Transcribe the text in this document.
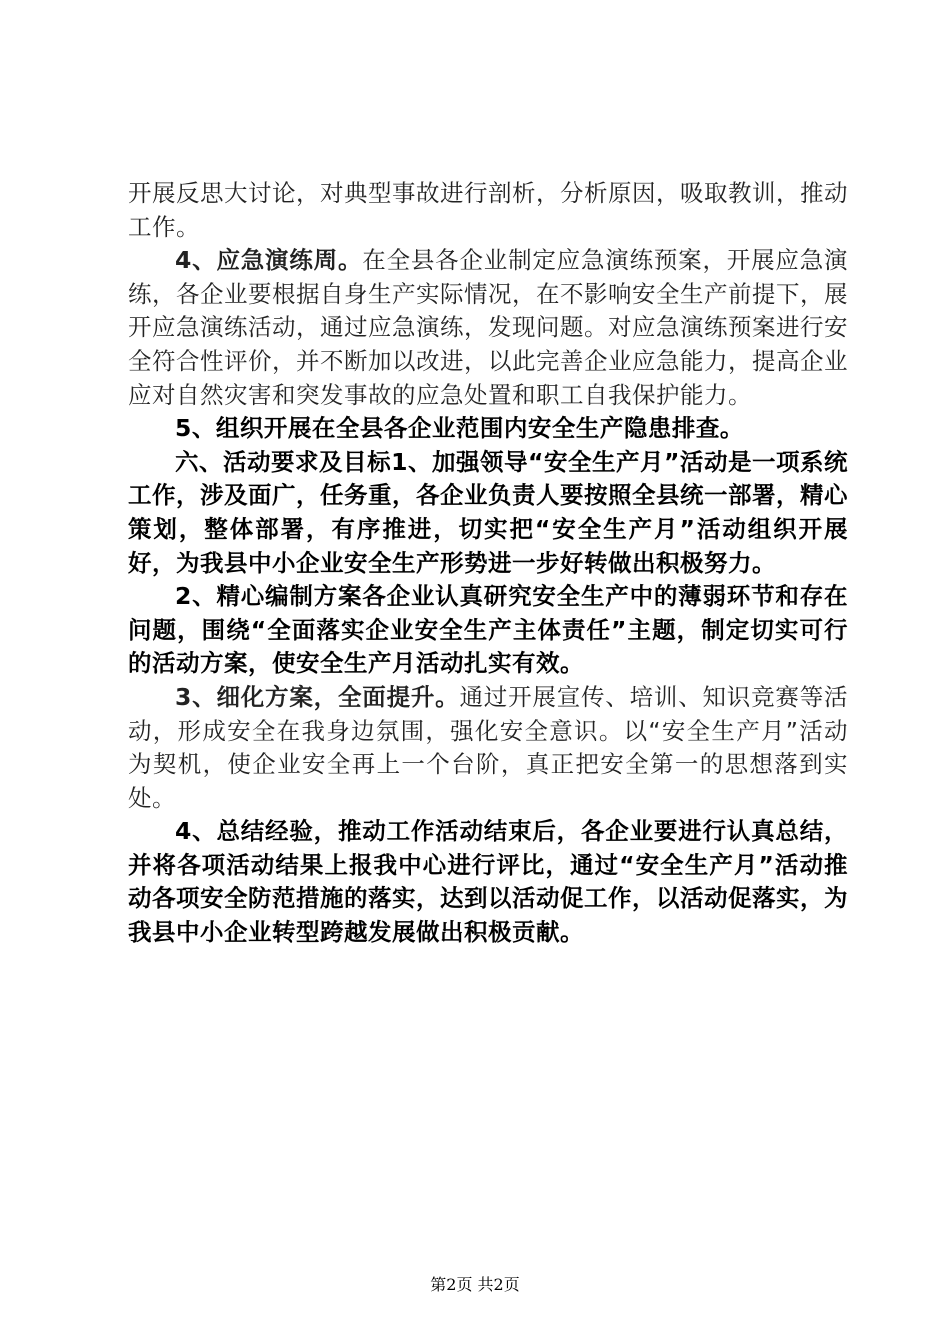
开展反思大讨论，对典型事故进行剖析，分析原因，吸取教训，推动工作。

4、应急演练周。在全县各企业制定应急演练预案，开展应急演练，各企业要根据自身生产实际情况，在不影响安全生产前提下，展开应急演练活动，通过应急演练，发现问题。对应急演练预案进行安全符合性评价，并不断加以改进，以此完善企业应急能力，提高企业应对自然灾害和突发事故的应急处置和职工自我保护能力。

5、组织开展在全县各企业范围内安全生产隐患排查。

六、活动要求及目标1、加强领导“安全生产月”活动是一项系统工作，涉及面广，任务重，各企业负责人要按照全县统一部署，精心策划，整体部署，有序推进，切实把“安全生产月”活动组织开展好，为我县中小企业安全生产形势进一步好转做出积极努力。

2、精心编制方案各企业认真研究安全生产中的薄弱环节和存在问题，围绕“全面落实企业安全生产主体责任”主题，制定切实可行的活动方案，使安全生产月活动扎实有效。

3、细化方案，全面提升。通过开展宣传、培训、知识竞赛等活动，形成安全在我身边氛围，强化安全意识。以“安全生产月”活动为契机，使企业安全再上一个台阶，真正把安全第一的思想落到实处。

4、总结经验，推动工作活动结束后，各企业要进行认真总结，并将各项活动结果上报我中心进行评比，通过“安全生产月”活动推动各项安全防范措施的落实，达到以活动促工作，以活动促落实，为我县中小企业转型跨越发展做出积极贡献。

第2页 共2页
